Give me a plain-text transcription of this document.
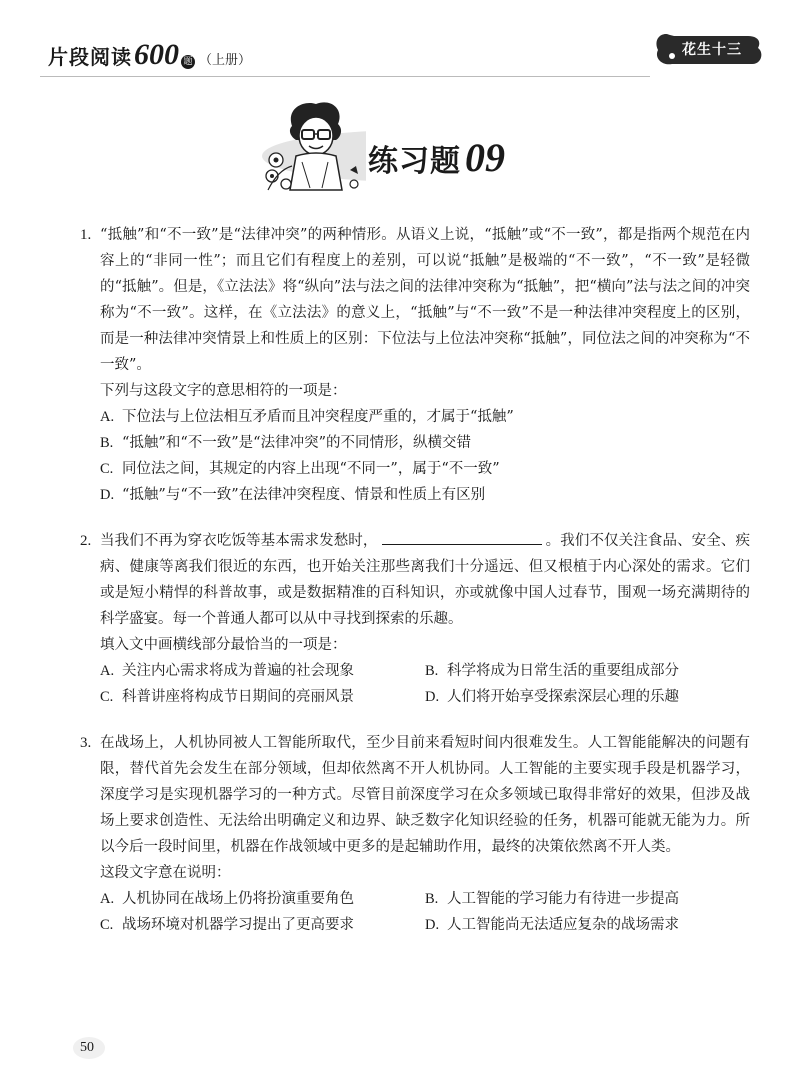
片段阅读 600 题 （上册）
花生十三
练习题 09
1. “抵触”和“不一致”是“法律冲突”的两种情形。从语义上说，“抵触”或“不一致”，都是指两个规范在内容上的“非同一性”；而且它们有程度上的差别，可以说“抵触”是极端的“不一致”，“不一致”是轻微的“抵触”。但是，《立法法》将“纵向”法与法之间的法律冲突称为“抵触”，把“横向”法与法之间的冲突称为“不一致”。这样，在《立法法》的意义上，“抵触”与“不一致”不是一种法律冲突程度上的区别，而是一种法律冲突情景上和性质上的区别：下位法与上位法冲突称“抵触”，同位法之间的冲突称为“不一致”。
下列与这段文字的意思相符的一项是：
A. 下位法与上位法相互矛盾而且冲突程度严重的，才属于“抵触”
B. “抵触”和“不一致”是“法律冲突”的不同情形，纵横交错
C. 同位法之间，其规定的内容上出现“不同一”，属于“不一致”
D. “抵触”与“不一致”在法律冲突程度、情景和性质上有区别
2. 当我们不再为穿衣吃饭等基本需求发愁时，	。我们不仅关注食品、安全、疾病、健康等离我们很近的东西，也开始关注那些离我们十分遥远、但又根植于内心深处的需求。它们或是短小精悍的科普故事，或是数据精准的百科知识，亦或就像中国人过春节，围观一场充满期待的科学盛宴。每一个普通人都可以从中寻找到探索的乐趣。
填入文中画横线部分最恰当的一项是：
A. 关注内心需求将成为普遍的社会现象	B. 科学将成为日常生活的重要组成部分
C. 科普讲座将构成节日期间的亮丽风景	D. 人们将开始享受探索深层心理的乐趣
3. 在战场上，人机协同被人工智能所取代，至少目前来看短时间内很难发生。人工智能能解决的问题有限，替代首先会发生在部分领域，但却依然离不开人机协同。人工智能的主要实现手段是机器学习，深度学习是实现机器学习的一种方式。尽管目前深度学习在众多领域已取得非常好的效果，但涉及战场上要求创造性、无法给出明确定义和边界、缺乏数字化知识经验的任务，机器可能就无能为力。所以今后一段时间里，机器在作战领域中更多的是起辅助作用，最终的决策依然离不开人类。
这段文字意在说明：
A. 人机协同在战场上仍将扮演重要角色	B. 人工智能的学习能力有待进一步提高
C. 战场环境对机器学习提出了更高要求	D. 人工智能尚无法适应复杂的战场需求
50
